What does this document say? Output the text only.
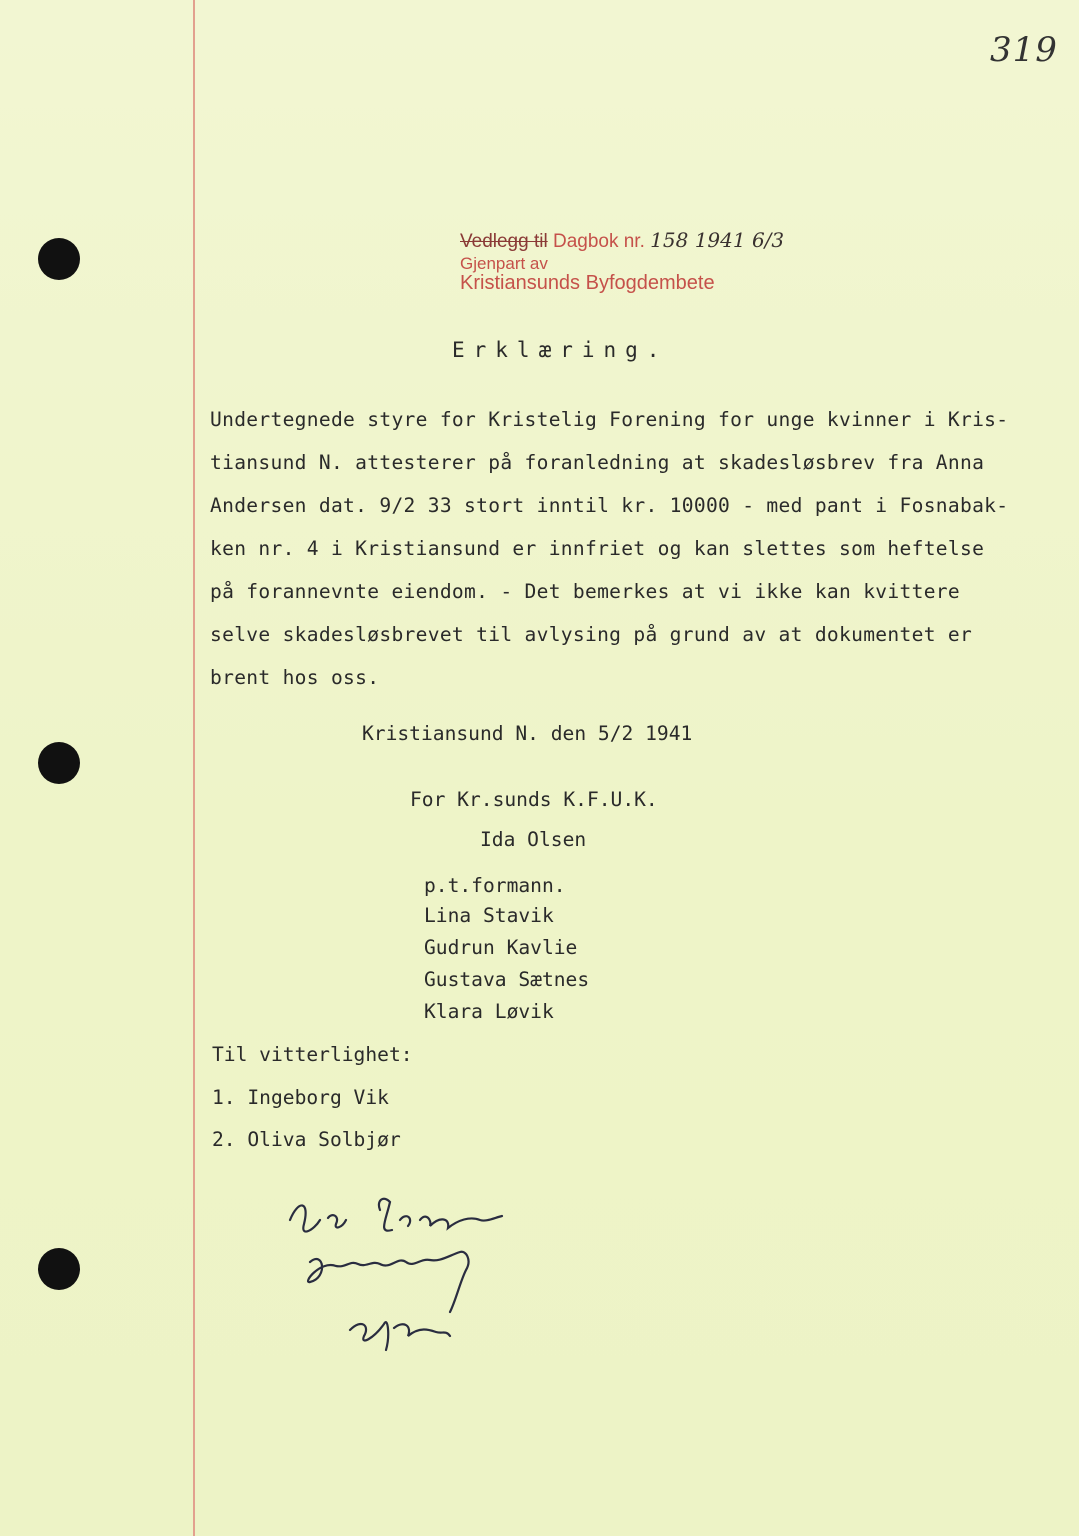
319
Vedlegg til Dagbok nr. 158 1941 6/3
Gjenpart av
Kristiansunds Byfogdembete
Erklæring.
Undertegnede styre for Kristelig Forening for unge kvinner i Kris-
tiansund N. attesterer på foranledning at skadesløsbrev fra Anna
Andersen dat. 9/2 33 stort inntil kr. 10000 - med pant i Fosnabak-
ken nr. 4 i Kristiansund er innfriet og kan slettes som heftelse
på forannevnte eiendom. - Det bemerkes at vi ikke kan kvittere
selve skadesløsbrevet til avlysing på grund av at dokumentet er
brent hos oss.
Kristiansund N. den 5/2 1941
For Kr.sunds K.F.U.K.
Ida Olsen
p.t.formann.
Lina Stavik
Gudrun Kavlie
Gustava Sætnes
Klara Løvik
Til vitterlighet:
1. Ingeborg Vik
2. Oliva Solbjør
